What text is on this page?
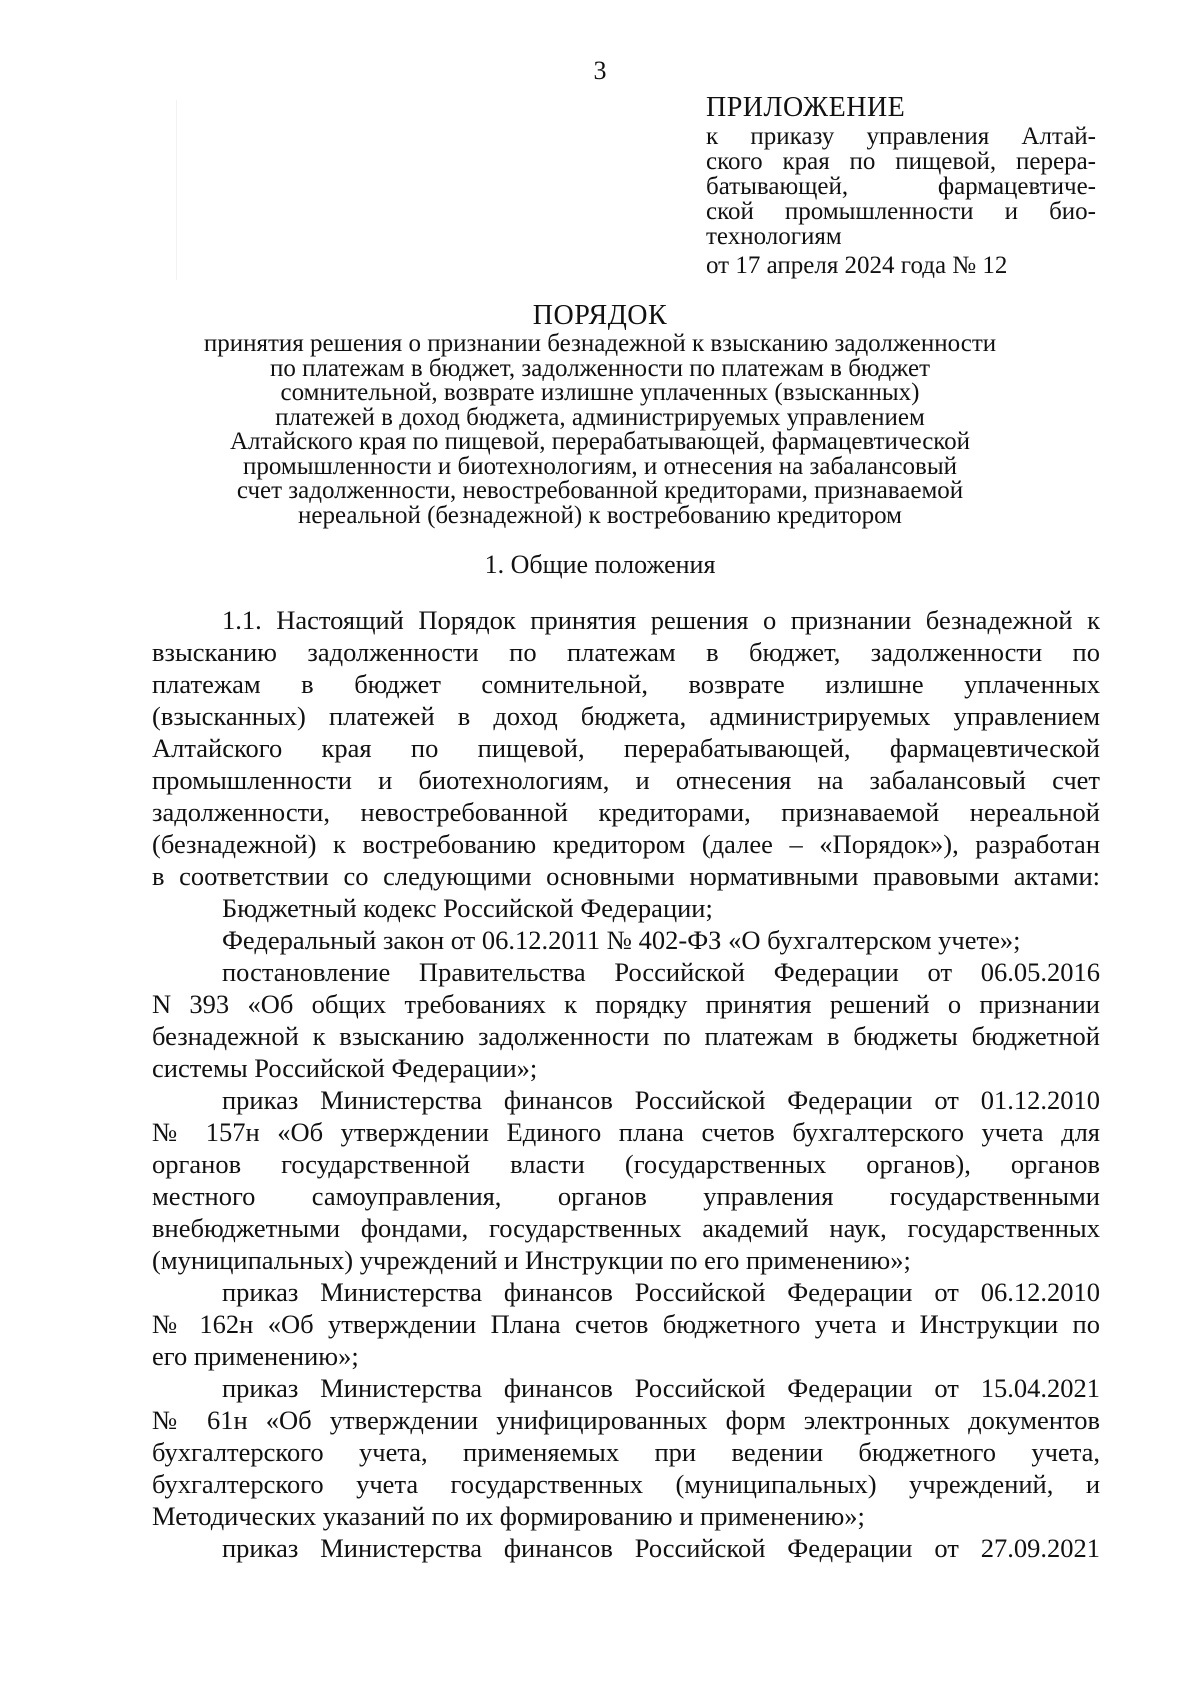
3
ПРИЛОЖЕНИЕ
к приказу управления Алтай-
ского края по пищевой, перера-
батывающей, фармацевтиче-
ской промышленности и био-
технологиям
от 17 апреля 2024 года № 12
ПОРЯДОК
принятия решения о признании безнадежной к взысканию задолженности
по платежам в бюджет, задолженности по платежам в бюджет
сомнительной, возврате излишне уплаченных (взысканных)
платежей в доход бюджета, администрируемых управлением
Алтайского края по пищевой, перерабатывающей, фармацевтической
промышленности и биотехнологиям, и отнесения на забалансовый
счет задолженности, невостребованной кредиторами, признаваемой
нереальной (безнадежной) к востребованию кредитором
1. Общие положения
1.1. Настоящий Порядок принятия решения о признании безнадежной к
взысканию задолженности по платежам в бюджет, задолженности по
платежам в бюджет сомнительной, возврате излишне уплаченных
(взысканных) платежей в доход бюджета, администрируемых управлением
Алтайского края по пищевой, перерабатывающей, фармацевтической
промышленности и биотехнологиям, и отнесения на забалансовый счет
задолженности, невостребованной кредиторами, признаваемой нереальной
(безнадежной) к востребованию кредитором (далее – «Порядок»), разработан
в соответствии со следующими основными нормативными правовыми актами:
Бюджетный кодекс Российской Федерации;
Федеральный закон от 06.12.2011 № 402-ФЗ «О бухгалтерском учете»;
постановление Правительства Российской Федерации от 06.05.2016
N 393 «Об общих требованиях к порядку принятия решений о признании
безнадежной к взысканию задолженности по платежам в бюджеты бюджетной
системы Российской Федерации»;
приказ Министерства финансов Российской Федерации от 01.12.2010
№ 157н «Об утверждении Единого плана счетов бухгалтерского учета для
органов государственной власти (государственных органов), органов
местного самоуправления, органов управления государственными
внебюджетными фондами, государственных академий наук, государственных
(муниципальных) учреждений и Инструкции по его применению»;
приказ Министерства финансов Российской Федерации от 06.12.2010
№ 162н «Об утверждении Плана счетов бюджетного учета и Инструкции по
его применению»;
приказ Министерства финансов Российской Федерации от 15.04.2021
№ 61н «Об утверждении унифицированных форм электронных документов
бухгалтерского учета, применяемых при ведении бюджетного учета,
бухгалтерского учета государственных (муниципальных) учреждений, и
Методических указаний по их формированию и применению»;
приказ Министерства финансов Российской Федерации от 27.09.2021
